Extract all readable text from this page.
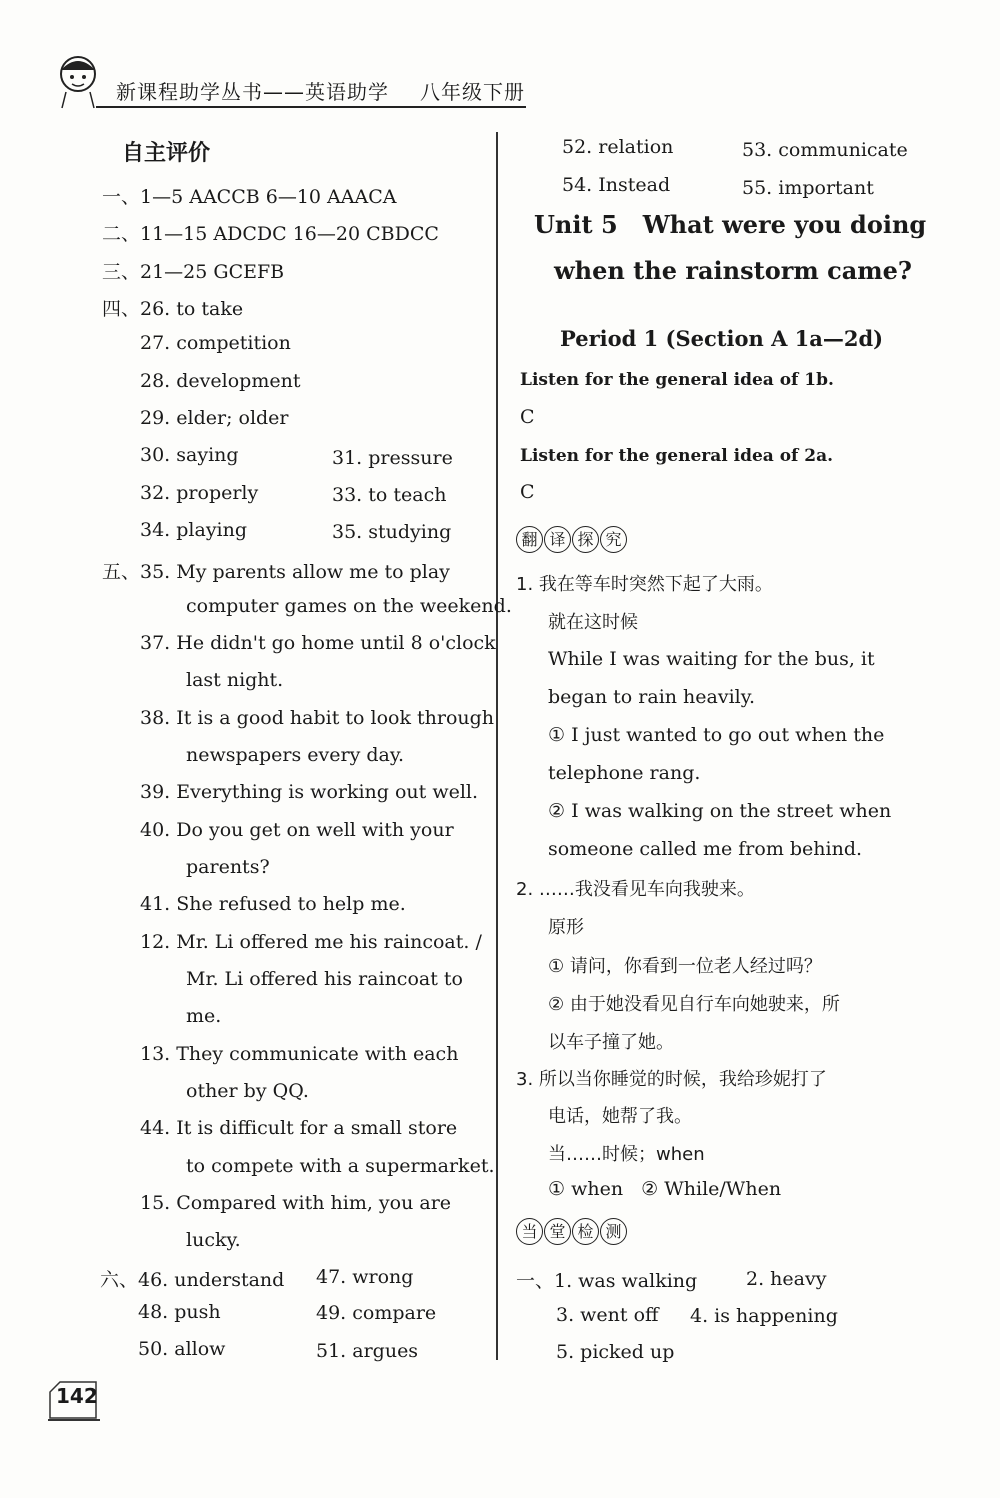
新课程助学丛书——英语助学 八年级下册
自主评价
一、1—5 AACCB 6—10 AAACA
二、11—15 ADCDC 16—20 CBDCC
三、21—25 GCEFB
四、26. to take
27. competition
28. development
29. elder; older
30. saying	31. pressure
32. properly	33. to teach
34. playing	35. studying
五、35. My parents allow me to play
computer games on the weekend.
37. He didn't go home until 8 o'clock
last night.
38. It is a good habit to look through
newspapers every day.
39. Everything is working out well.
40. Do you get on well with your
parents?
41. She refused to help me.
12. Mr. Li offered me his raincoat. /
Mr. Li offered his raincoat to
me.
13. They communicate with each
other by QQ.
44. It is difficult for a small store
to compete with a supermarket.
15. Compared with him, you are
lucky.
六、46. understand 47. wrong
48. push	49. compare
50. allow	51. argues
142
52. relation	53. communicate
54. Instead	55. important
Unit 5   What were you doing
when the rainstorm came?
Period 1 (Section A 1a—2d)
Listen for the general idea of 1b.
C
Listen for the general idea of 2a.
C
翻 译 探 究
1. 我在等车时突然下起了大雨。
就在这时候
While I was waiting for the bus, it
began to rain heavily.
① I just wanted to go out when the
telephone rang.
② I was walking on the street when
someone called me from behind.
2. ……我没看见车向我驶来。
原形
① 请问，你看到一位老人经过吗？
② 由于她没看见自行车向她驶来，所
以车子撞了她。
3. 所以当你睡觉的时候，我给珍妮打了
电话，她帮了我。
当……时候；when
① when   ② While/When
当 堂 检 测
一、1. was walking	2. heavy
3. went off 4. is happening
5. picked up
